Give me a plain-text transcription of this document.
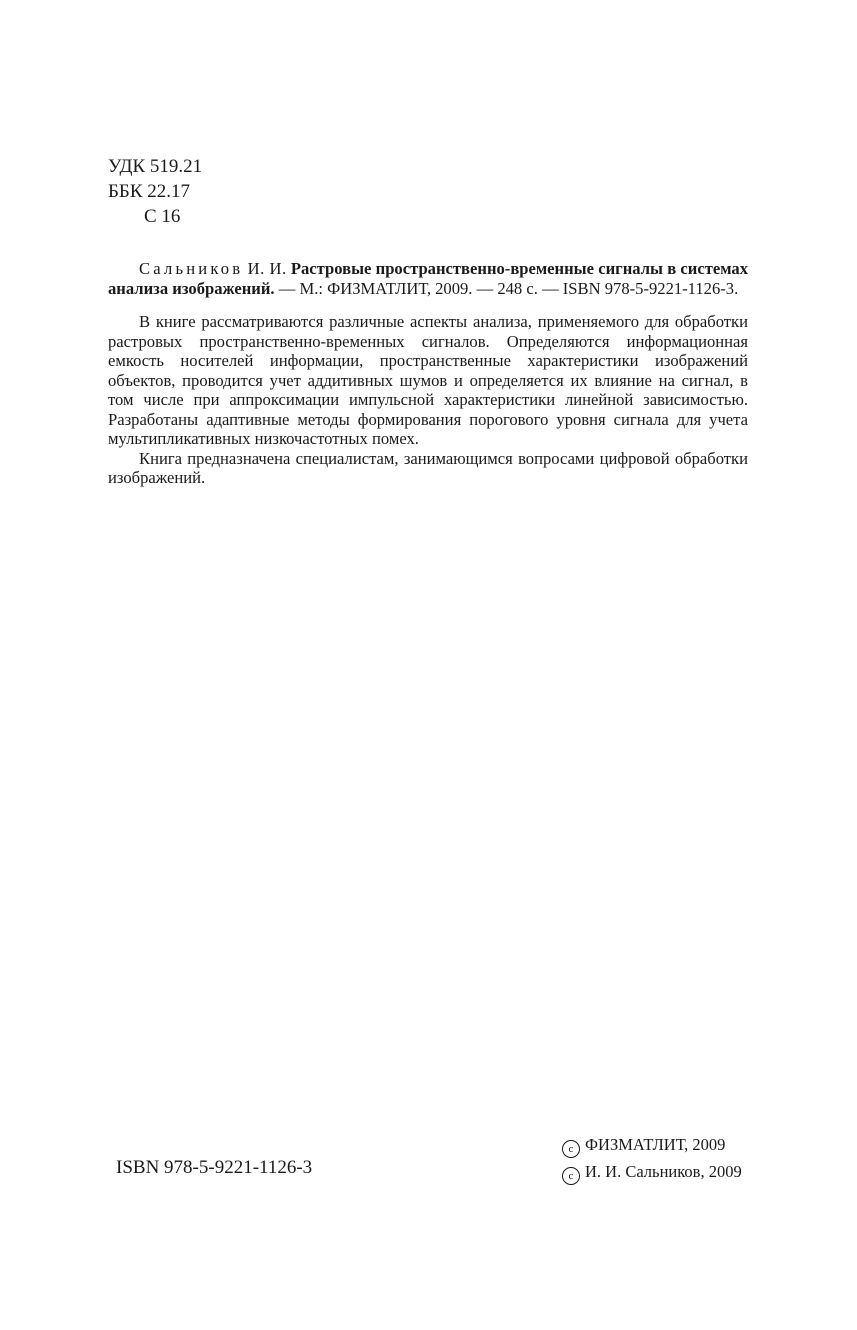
УДК 519.21
ББК 22.17
С 16

Сальников И. И. Растровые пространственно-временные сигналы в системах анализа изображений. — М.: ФИЗМАТЛИТ, 2009. — 248 с. — ISBN 978-5-9221-1126-3.

В книге рассматриваются различные аспекты анализа, применяемого для обработки растровых пространственно-временных сигналов. Определяются информационная емкость носителей информации, пространственные характеристики изображений объектов, проводится учет аддитивных шумов и определяется их влияние на сигнал, в том числе при аппроксимации импульсной характеристики линейной зависимостью. Разработаны адаптивные методы формирования порогового уровня сигнала для учета мультипликативных низкочастотных помех.

Книга предназначена специалистам, занимающимся вопросами цифровой обработки изображений.

ISBN 978-5-9221-1126-3
c ФИЗМАТЛИТ, 2009
c И. И. Сальников, 2009
